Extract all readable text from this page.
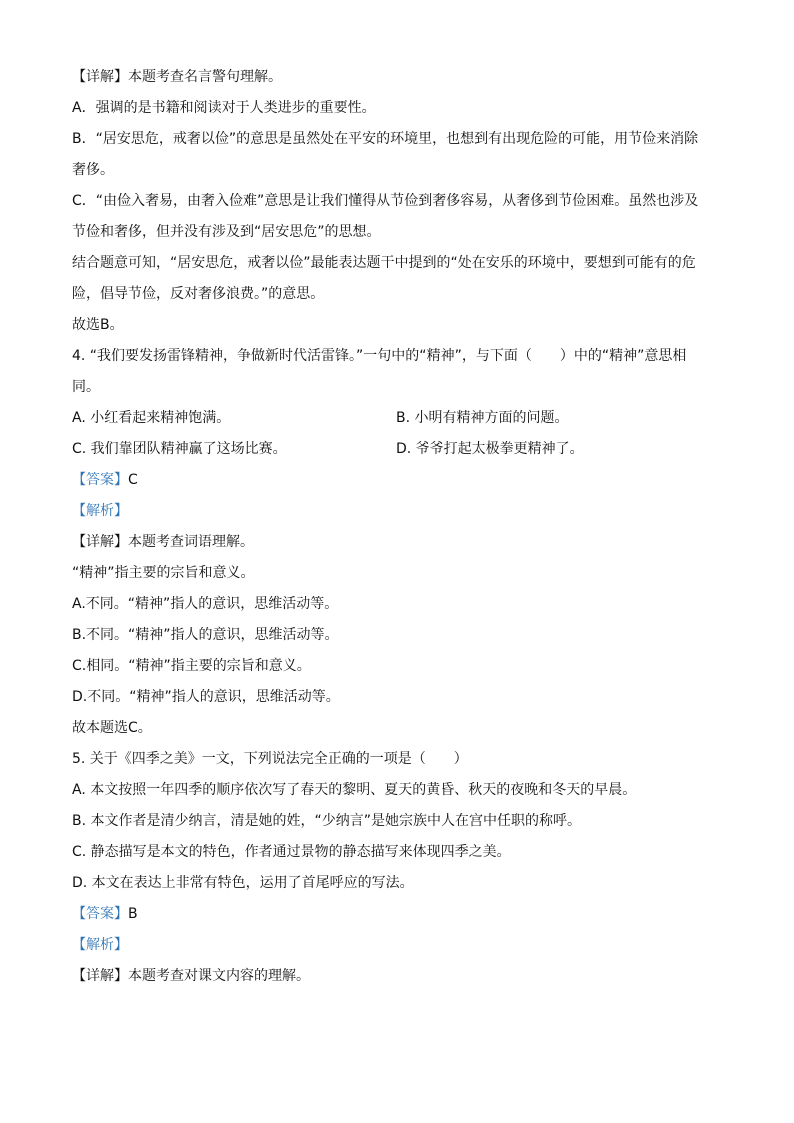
【详解】本题考查名言警句理解。
A．强调的是书籍和阅读对于人类进步的重要性。
B．“居安思危，戒奢以俭”的意思是虽然处在平安的环境里，也想到有出现危险的可能，用节俭来消除
奢侈。
C．“由俭入奢易，由奢入俭难”意思是让我们懂得从节俭到奢侈容易，从奢侈到节俭困难。虽然也涉及
节俭和奢侈，但并没有涉及到“居安思危”的思想。
结合题意可知，“居安思危，戒奢以俭”最能表达题干中提到的“处在安乐的环境中，要想到可能有的危
险，倡导节俭，反对奢侈浪费。”的意思。
故选B。
4. “我们要发扬雷锋精神，争做新时代活雷锋。”一句中的“精神”，与下面（　　）中的“精神”意思相
同。
A. 小红看起来精神饱满。	B. 小明有精神方面的问题。
C. 我们靠团队精神赢了这场比赛。	D. 爷爷打起太极拳更精神了。
【答案】C
【解析】
【详解】本题考查词语理解。
“精神”指主要的宗旨和意义。
A.不同。“精神”指人的意识，思维活动等。
B.不同。“精神”指人的意识，思维活动等。
C.相同。“精神”指主要的宗旨和意义。
D.不同。“精神”指人的意识，思维活动等。
故本题选C。
5. 关于《四季之美》一文，下列说法完全正确的一项是（　　）
A. 本文按照一年四季的顺序依次写了春天的黎明、夏天的黄昏、秋天的夜晚和冬天的早晨。
B. 本文作者是清少纳言，清是她的姓，“少纳言”是她宗族中人在宫中任职的称呼。
C. 静态描写是本文的特色，作者通过景物的静态描写来体现四季之美。
D. 本文在表达上非常有特色，运用了首尾呼应的写法。
【答案】B
【解析】
【详解】本题考查对课文内容的理解。
